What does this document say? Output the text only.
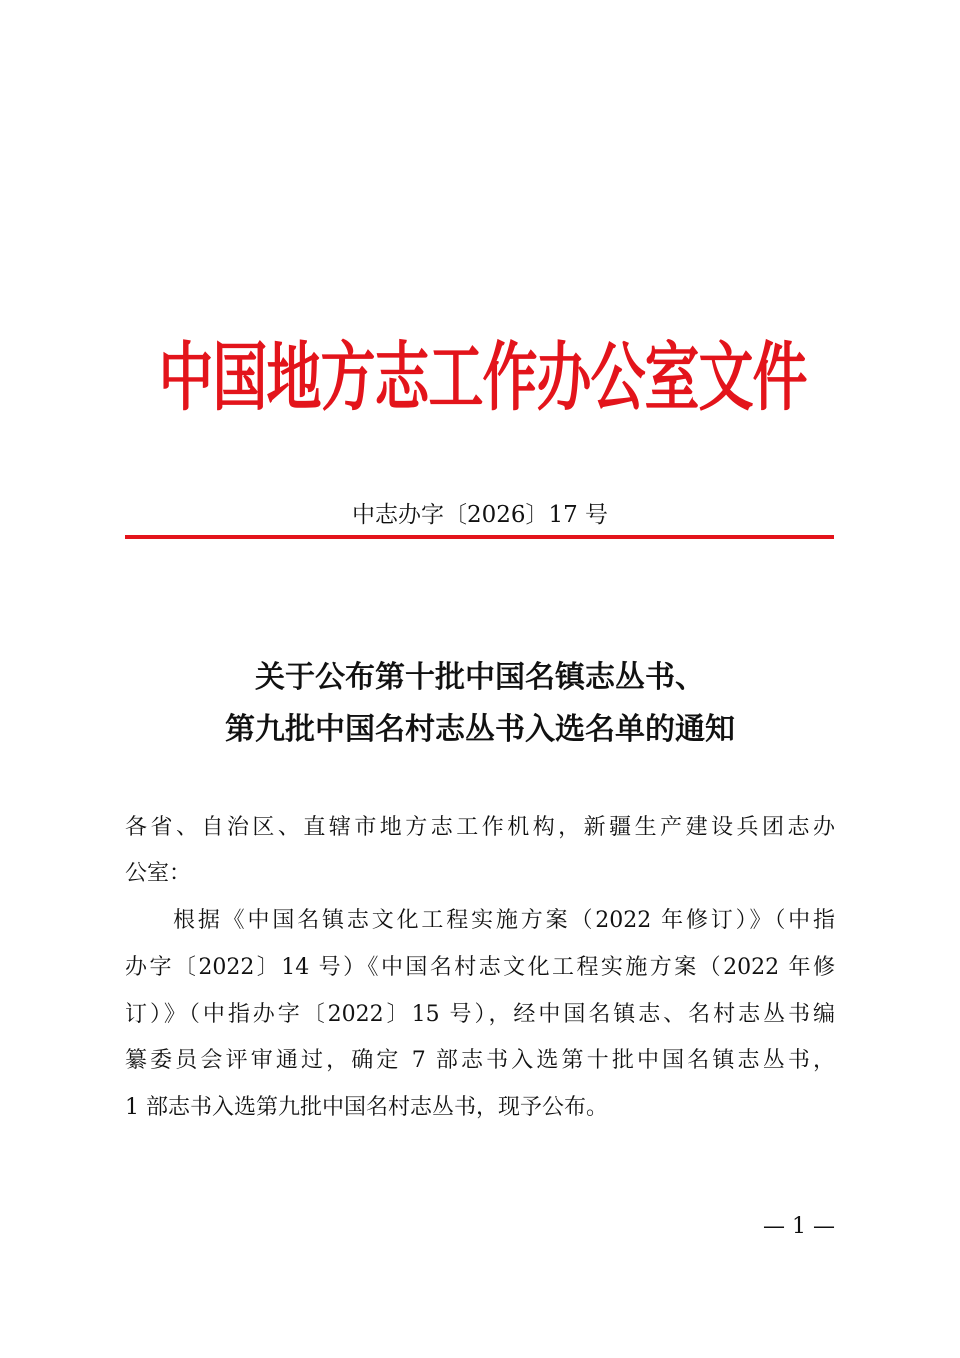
中国地方志工作办公室文件
中志办字〔2026〕17 号
关于公布第十批中国名镇志丛书、
第九批中国名村志丛书入选名单的通知
各省、自治区、直辖市地方志工作机构，新疆生产建设兵团志办
公室：
根据《中国名镇志文化工程实施方案（2022 年修订）》（中指
办字〔2022〕14 号）《中国名村志文化工程实施方案（2022 年修
订）》（中指办字〔2022〕15 号），经中国名镇志、名村志丛书编
纂委员会评审通过，确定 7 部志书入选第十批中国名镇志丛书，
1 部志书入选第九批中国名村志丛书，现予公布。
— 1 —
